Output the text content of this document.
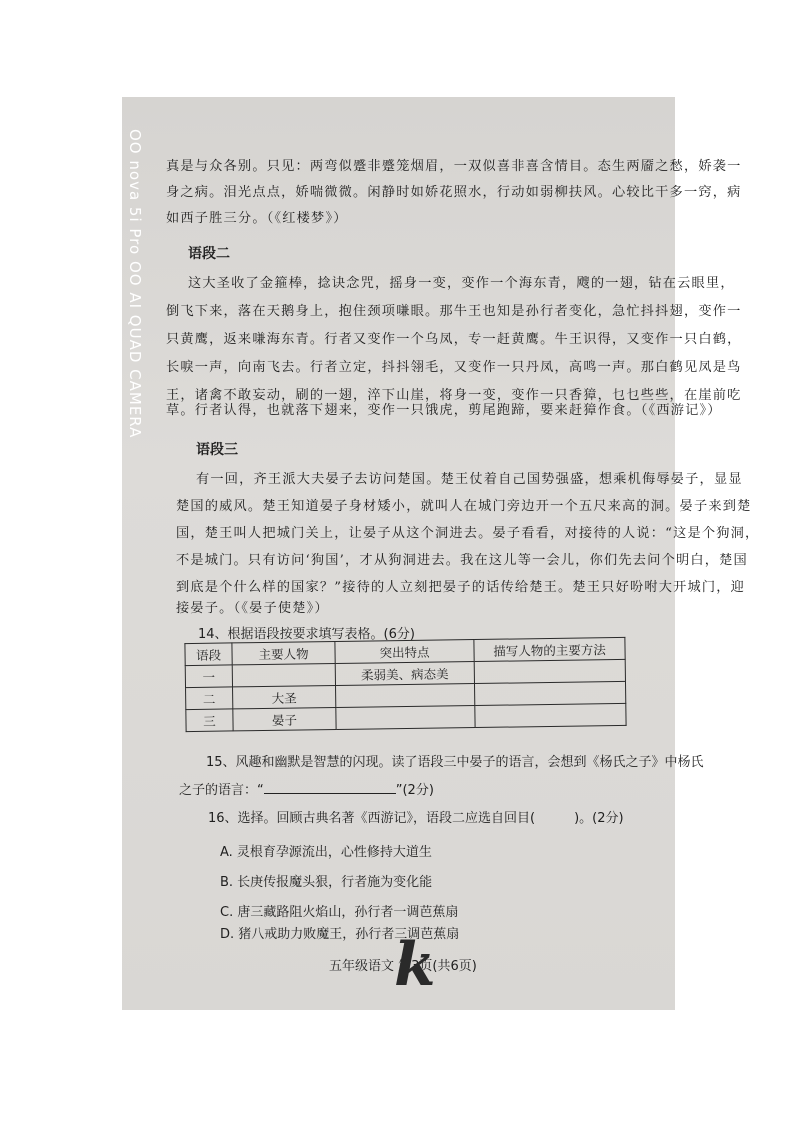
OO nova 5i Pro OO AI QUAD CAMERA 真是与众各别。只见：两弯似蹙非蹙笼烟眉，一双似喜非喜含情目。态生两靥之愁，娇袭一
身之病。泪光点点，娇喘微微。闲静时如娇花照水，行动如弱柳扶风。心较比干多一窍，病
如西子胜三分。（《红楼梦》）
语段二
这大圣收了金箍棒，捻诀念咒，摇身一变，变作一个海东青，飕的一翅，钻在云眼里，
倒飞下来，落在天鹅身上，抱住颈项嗛眼。那牛王也知是孙行者变化，急忙抖抖翅，变作一
只黄鹰，返来嗛海东青。行者又变作一个乌凤，专一赶黄鹰。牛王识得，又变作一只白鹤，
长唳一声，向南飞去。行者立定，抖抖翎毛，又变作一只丹凤，高鸣一声。那白鹤见凤是鸟
王，诸禽不敢妄动，刷的一翅，淬下山崖，将身一变，变作一只香獐，乜乜些些，在崖前吃
草。行者认得，也就落下翅来，变作一只饿虎，剪尾跑蹄，要来赶獐作食。（《西游记》）
语段三
有一回，齐王派大夫晏子去访问楚国。楚王仗着自己国势强盛，想乘机侮辱晏子，显显
楚国的威风。楚王知道晏子身材矮小，就叫人在城门旁边开一个五尺来高的洞。晏子来到楚
国，楚王叫人把城门关上，让晏子从这个洞进去。晏子看看，对接待的人说：“这是个狗洞，
不是城门。只有访问‘狗国’，才从狗洞进去。我在这儿等一会儿，你们先去问个明白，楚国
到底是个什么样的国家？”接待的人立刻把晏子的话传给楚王。楚王只好吩咐大开城门，迎
接晏子。（《晏子使楚》）
14、根据语段按要求填写表格。(6分)
语段	主要人物	突出特点	描写人物的主要方法
一		柔弱美、病态美	
二	大圣		
三	晏子		
15、风趣和幽默是智慧的闪现。读了语段三中晏子的语言，会想到《杨氏之子》中杨氏
之子的语言：“	”(2分)
16、选择。回顾古典名著《西游记》，语段二应选自回目(　　　)。(2分)
A. 灵根育孕源流出，心性修持大道生
B. 长庚传报魔头狠，行者施为变化能
C. 唐三藏路阻火焰山，孙行者一调芭蕉扇
D. 猪八戒助力败魔王，孙行者三调芭蕉扇
五年级语文 第3页(共6页)
k
